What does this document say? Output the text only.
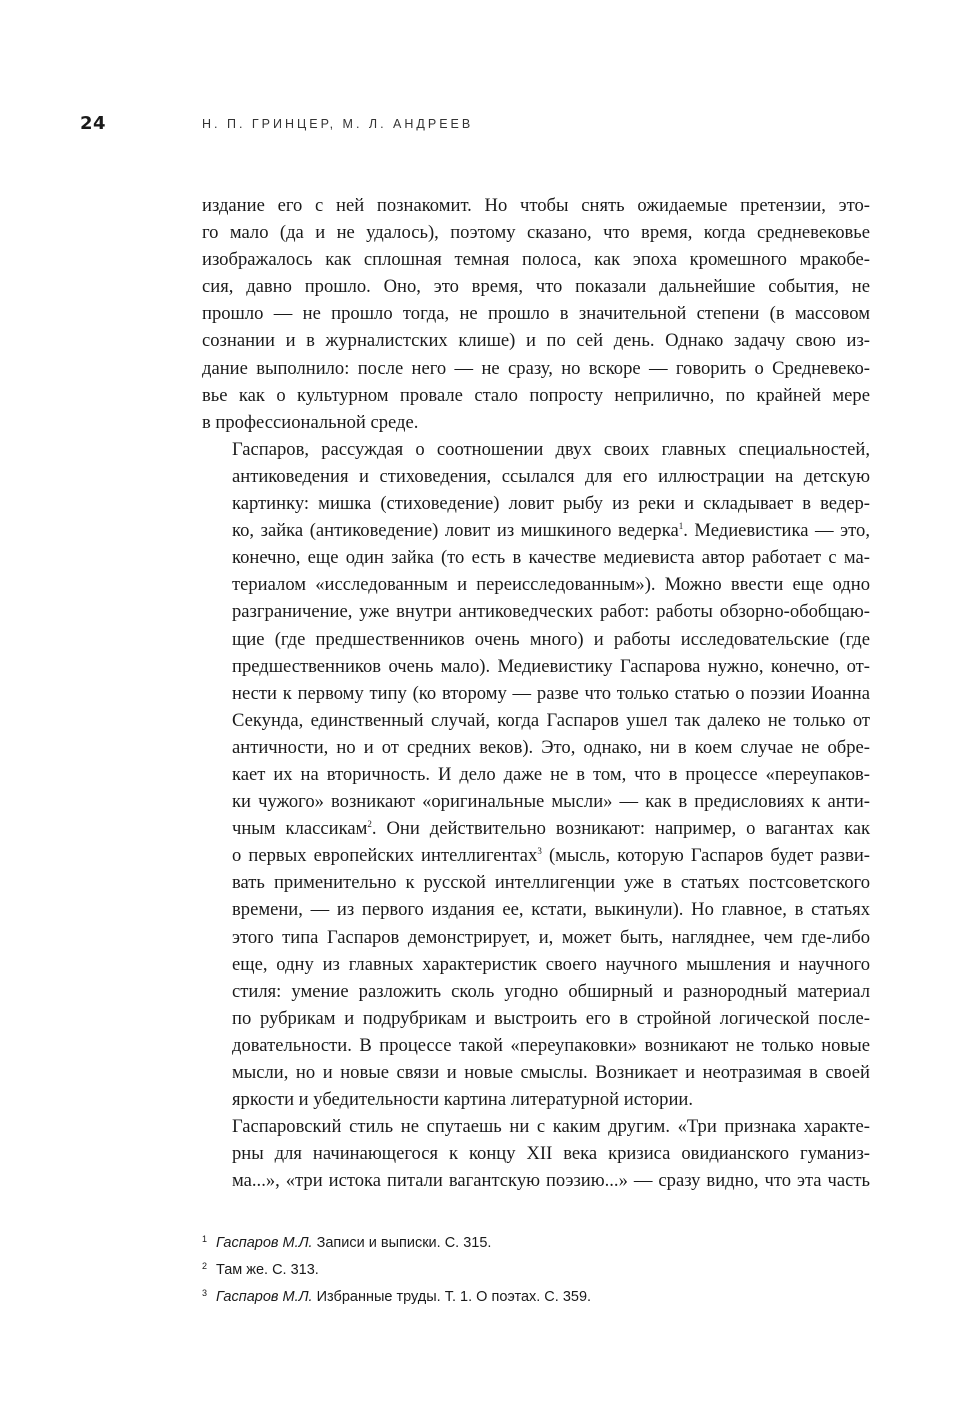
24	Н. П. ГРИНЦЕР, М. Л. АНДРЕЕВ

издание его с ней познакомит. Но чтобы снять ожидаемые претензии, это-
го мало (да и не удалось), поэтому сказано, что время, когда средневековье
изображалось как сплошная темная полоса, как эпоха кромешного мракобе-
сия, давно прошло. Оно, это время, что показали дальнейшие события, не
прошло — не прошло тогда, не прошло в значительной степени (в массовом
сознании и в журналистских клише) и по сей день. Однако задачу свою из-
дание выполнило: после него — не сразу, но вскоре — говорить о Средневеко-
вье как о культурном провале стало попросту неприлично, по крайней мере
в профессиональной среде.

Гаспаров, рассуждая о соотношении двух своих главных специальностей,
антиковедения и стиховедения, ссылался для его иллюстрации на детскую
картинку: мишка (стиховедение) ловит рыбу из реки и складывает в ведер-
ко, зайка (антиковедение) ловит из мишкиного ведерка$^1$. Медиевистика — это,
конечно, еще один зайка (то есть в качестве медиевиста автор работает с ма-
териалом «исследованным и переисследованным»). Можно ввести еще одно
разграничение, уже внутри антиковедческих работ: работы обзорно-обобщаю-
щие (где предшественников очень много) и работы исследовательские (где
предшественников очень мало). Медиевистику Гаспарова нужно, конечно, от-
нести к первому типу (ко второму — разве что только статью о поэзии Иоанна
Секунда, единственный случай, когда Гаспаров ушел так далеко не только от
античности, но и от средних веков). Это, однако, ни в коем случае не обре-
кает их на вторичность. И дело даже не в том, что в процессе «переупаков-
ки чужого» возникают «оригинальные мысли» — как в предисловиях к анти-
чным классикам$^2$. Они действительно возникают: например, о вагантах как
о первых европейских интеллигентах$^3$ (мысль, которую Гаспаров будет разви-
вать применительно к русской интеллигенции уже в статьях постсоветского
времени, — из первого издания ее, кстати, выкинули). Но главное, в статьях
этого типа Гаспаров демонстрирует, и, может быть, нагляднее, чем где-либо
еще, одну из главных характеристик своего научного мышления и научного
стиля: умение разложить сколь угодно обширный и разнородный материал
по рубрикам и подрубрикам и выстроить его в стройной логической после-
довательности. В процессе такой «переупаковки» возникают не только новые
мысли, но и новые связи и новые смыслы. Возникает и неотразимая в своей
яркости и убедительности картина литературной истории.

Гаспаровский стиль не спутаешь ни с каким другим. «Три признака характе-
рны для начинающегося к концу XII века кризиса овидианского гуманиз-
ма...», «три истока питали вагантскую поэзию...» — сразу видно, что эта часть

1 Гаспаров М.Л. Записи и выписки. С. 315.
2 Там же. С. 313.
3 Гаспаров М.Л. Избранные труды. Т. 1. О поэтах. С. 359.
